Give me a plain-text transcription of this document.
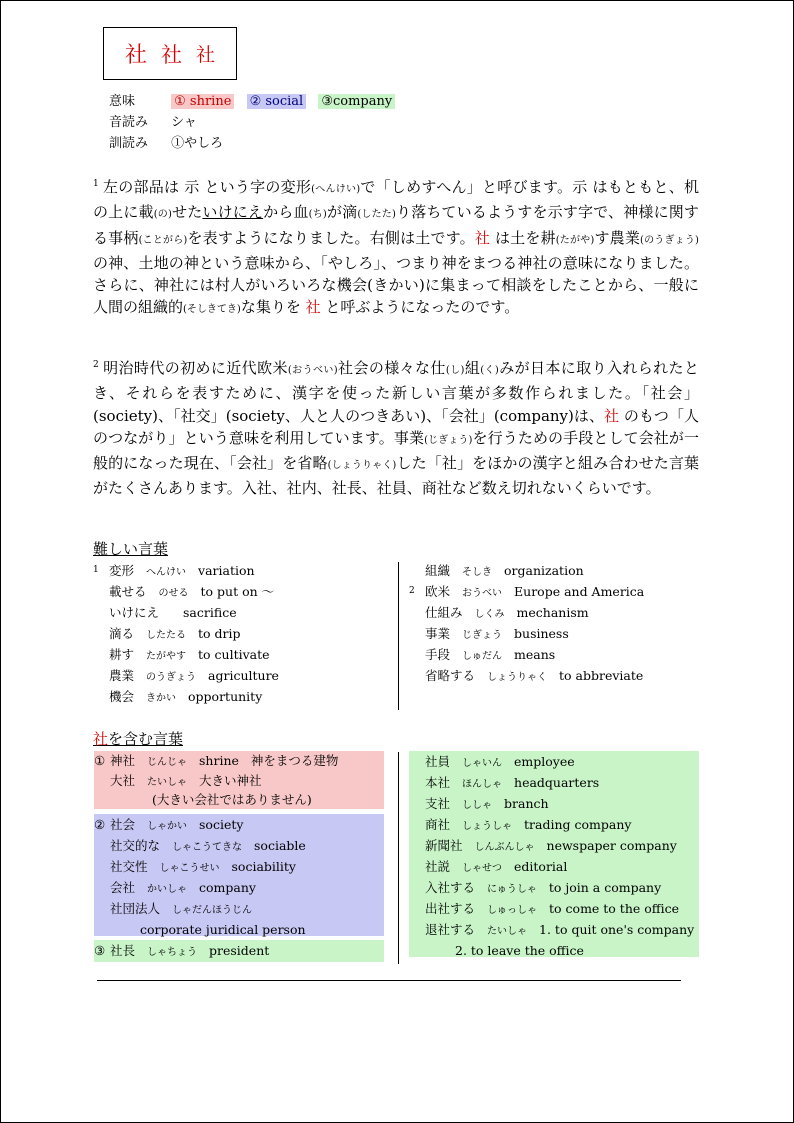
社 社 社
意味	① shrine ② social ③company
音読み シャ
訓読み ①やしろ
$^1$ 左の部品は 示 という字の変形(へんけい)で「しめすへん」と呼びます。示 はもともと、机の上に載(の)せたいけにえから血(ち)が滴(したた)り落ちているようすを示す字で、神様に関する事柄(ことがら)を表すようになりました。右側は土です。社 は土を耕(たがや)す農業(のうぎょう)の神、土地の神という意味から、「やしろ」、つまり神をまつる神社の意味になりました。さらに、神社には村人がいろいろな機会(きかい)に集まって相談をしたことから、一般に人間の組織的(そしきてき)な集りを 社 と呼ぶようになったのです。
$^2$ 明治時代の初めに近代欧米(おうべい)社会の様々な仕(し)組(く)みが日本に取り入れられたとき、それらを表すために、漢字を使った新しい言葉が多数作られました。「社会」(society)、「社交」(society、人と人のつきあい)、「会社」(company)は、社 のもつ「人のつながり」という意味を利用しています。事業(じぎょう)を行うための手段として会社が一般的になった現在、「会社」を省略(しょうりゃく)した「社」をほかの漢字と組み合わせた言葉がたくさんあります。入社、社内、社長、社員、商社など数え切れないくらいです。
難しい言葉
1 変形 へんけい variation
載せる のせる to put on ～
いけにえ sacrifice
滴る したたる to drip
耕す たがやす to cultivate
農業 のうぎょう agriculture
機会 きかい opportunity
組織 そしき organization
2 欧米 おうべい Europe and America
仕組み しくみ mechanism
事業 じぎょう business
手段 しゅだん means
省略する しょうりゃく to abbreviate
社を含む言葉
① 神社 じんじゃ shrine 神をまつる建物
大社 たいしゃ 大きい神社
(大きい会社ではありません)
② 社会 しゃかい society
社交的な しゃこうてきな sociable
社交性 しゃこうせい sociability
会社 かいしゃ company
社団法人 しゃだんほうじん
corporate juridical person
③ 社長 しゃちょう president
社員 しゃいん employee
本社 ほんしゃ headquarters
支社 ししゃ branch
商社 しょうしゃ trading company
新聞社 しんぶんしゃ newspaper company
社説 しゃせつ editorial
入社する にゅうしゃ to join a company
出社する しゅっしゃ to come to the office
退社する たいしゃ 1. to quit one's company
2. to leave the office
